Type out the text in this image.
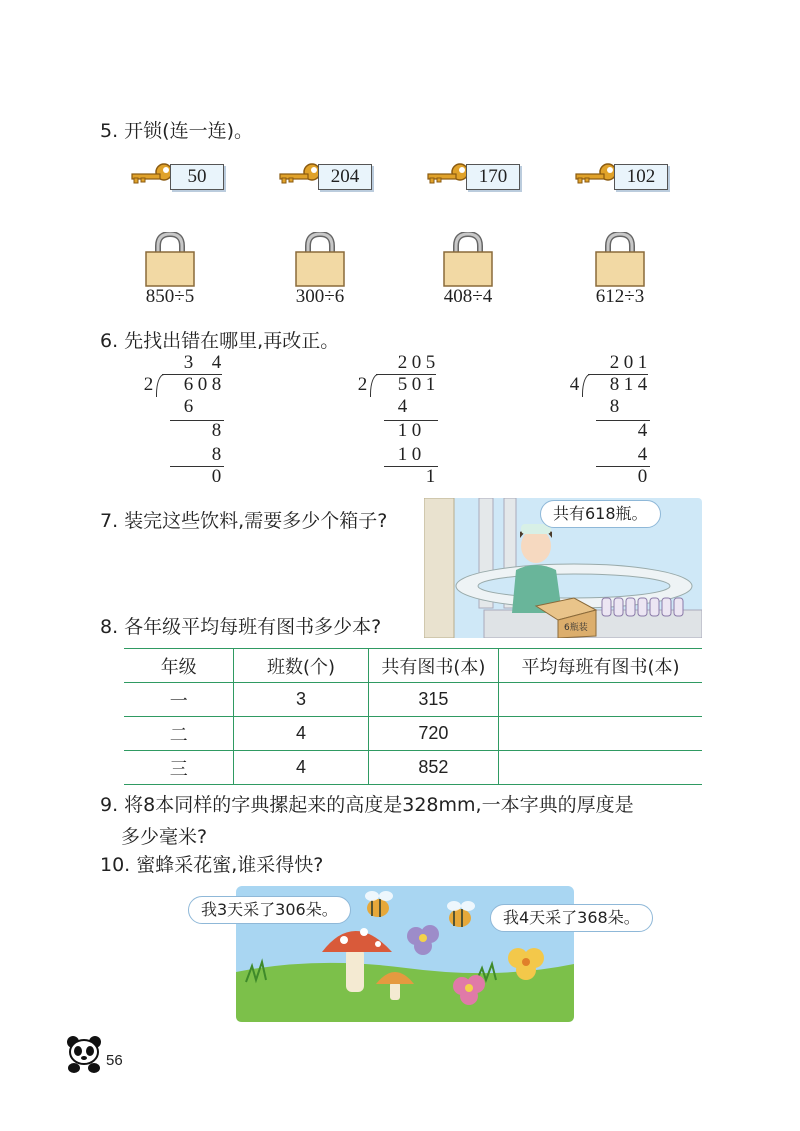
5. 开锁(连一连)。
50	204	170	102
850÷5	300÷6	408÷4	612÷3
6. 先找出错在哪里,再改正。
3 4
2 6 0 8
6
8
8
0
2 0 5
2 5 0 1
4
1 0
1 0
1
2 0 1
4 8 1 4
8
4
4
0
7. 装完这些饮料,需要多少个箱子?
6瓶装
共有618瓶。
8. 各年级平均每班有图书多少本?
年级	班数(个)	共有图书(本)	平均每班有图书(本)
一	3	315	
二	4	720	
三	4	852	
9. 将8本同样的字典摞起来的高度是328mm,一本字典的厚度是
多少毫米?
10. 蜜蜂采花蜜,谁采得快?
我3天采了306朵。	我4天采了368朵。
56
